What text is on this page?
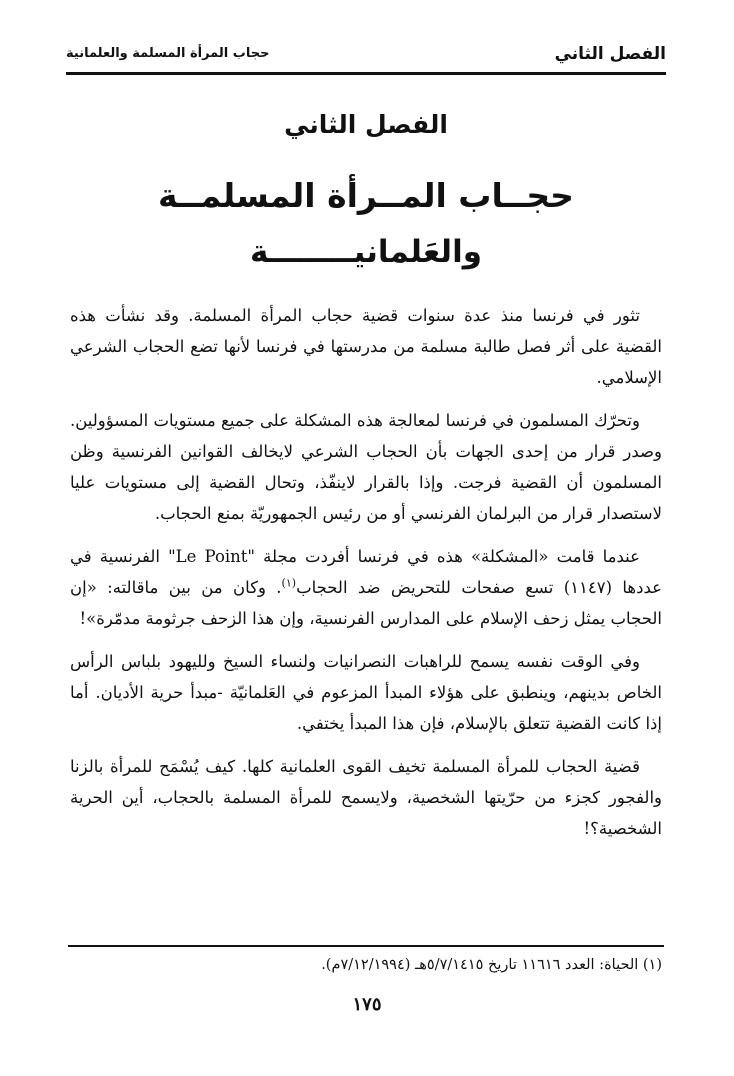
الفصل الثاني
حجاب المرأة المسلمة والعلمانية
الفصل الثاني
حجــاب المــرأة المسلمــة
والعَلمانيــــــــة

تثور في فرنسا منذ عدة سنوات قضية حجاب المرأة المسلمة. وقد نشأت هذه القضية على أثر فصل طالبة مسلمة من مدرستها في فرنسا لأنها تضع الحجاب الشرعي الإسلامي.

وتحرّك المسلمون في فرنسا لمعالجة هذه المشكلة على جميع مستويات المسؤولين. وصدر قرار من إحدى الجهات بأن الحجاب الشرعي لايخالف القوانين الفرنسية وظن المسلمون أن القضية فرجت. وإذا بالقرار لاينفّذ، وتحال القضية إلى مستويات عليا لاستصدار قرار من البرلمان الفرنسي أو من رئيس الجمهوريّة بمنع الحجاب.

عندما قامت «المشكلة» هذه في فرنسا أفردت مجلة "Le Point" الفرنسية في عددها (١١٤٧) تسع صفحات للتحريض ضد الحجاب$^{(١)}$. وكان من بين ماقالته: «إن الحجاب يمثل زحف الإسلام على المدارس الفرنسية، وإن هذا الزحف جرثومة مدمّرة»!

وفي الوقت نفسه يسمح للراهبات النصرانيات ولنساء السيخ ولليهود بلباس الرأس الخاص بدينهم، وينطبق على هؤلاء المبدأ المزعوم في العَلمانيّة -مبدأ حرية الأديان. أما إذا كانت القضية تتعلق بالإسلام، فإن هذا المبدأ يختفي.

قضية الحجاب للمرأة المسلمة تخيف القوى العلمانية كلها. كيف يُسْمَح للمرأة بالزنا والفجور كجزء من حرّيتها الشخصية، ولايسمح للمرأة المسلمة بالحجاب، أين الحرية الشخصية؟!

(١) الحياة: العدد ١١٦١٦ تاريخ ٥/٧/١٤١٥هـ (٧/١٢/١٩٩٤م).
١٧٥
